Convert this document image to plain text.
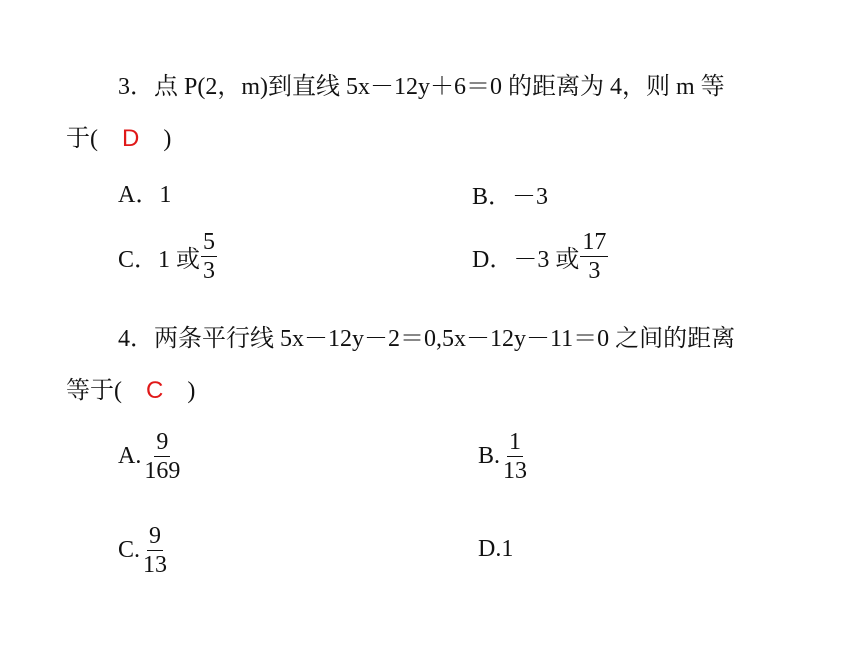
3．点 P(2，m)到直线 5x－12y＋6＝0 的距离为 4，则 m 等
于( D )
A．1	B．－3
C．1 或 $\frac{5}{3}$	D．－3 或 $\frac{17}{3}$
4．两条平行线 5x－12y－2＝0,5x－12y－11＝0 之间的距离
等于( C )
A. $\frac{9}{169}$	B. $\frac{1}{13}$
C. $\frac{9}{13}$	D.1
